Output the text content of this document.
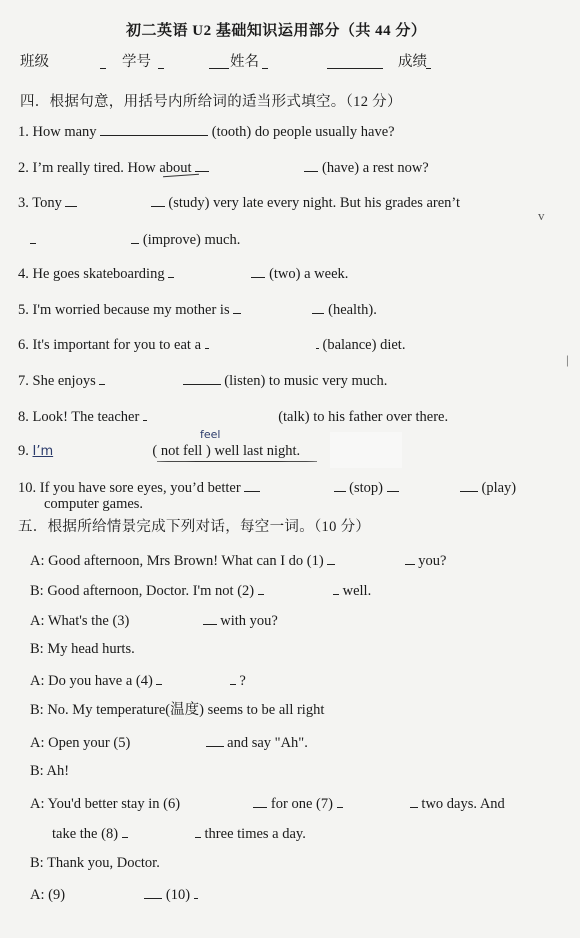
初二英语 U2 基础知识运用部分（共 44 分）
班级	学号	姓名	成绩
四．根据句意，用括号内所给词的适当形式填空。（12 分）
1. How many	(tooth) do people usually have?
2. I’m really tired. How about	(have) a rest now?
3. Tony	(study) very late every night. But his grades aren’t
(improve) much.
v
4. He goes skateboarding	(two) a week.
5. I'm worried because my mother is	(health).
6. It's important for you to eat a	(balance) diet.
|
7. She enjoys	(listen) to music very much.
8. Look! The teacher	(talk) to his father over there.
9. I’m	( not fell ) well last night.
feel
10. If you have sore eyes, you’d better	(stop)	(play)
computer games.
五．根据所给情景完成下列对话，每空一词。（10 分）
A: Good afternoon, Mrs Brown! What can I do (1)	you?
B: Good afternoon, Doctor. I'm not (2)	well.
A: What's the (3)	with you?
B: My head hurts.
A: Do you have a (4)	?
B: No. My temperature(温度) seems to be all right
A: Open your (5)	and say "Ah".
B: Ah!
A: You'd better stay in (6)	for one (7)	two days. And
take the (8)	three times a day.
B: Thank you, Doctor.
A: (9)	(10)
